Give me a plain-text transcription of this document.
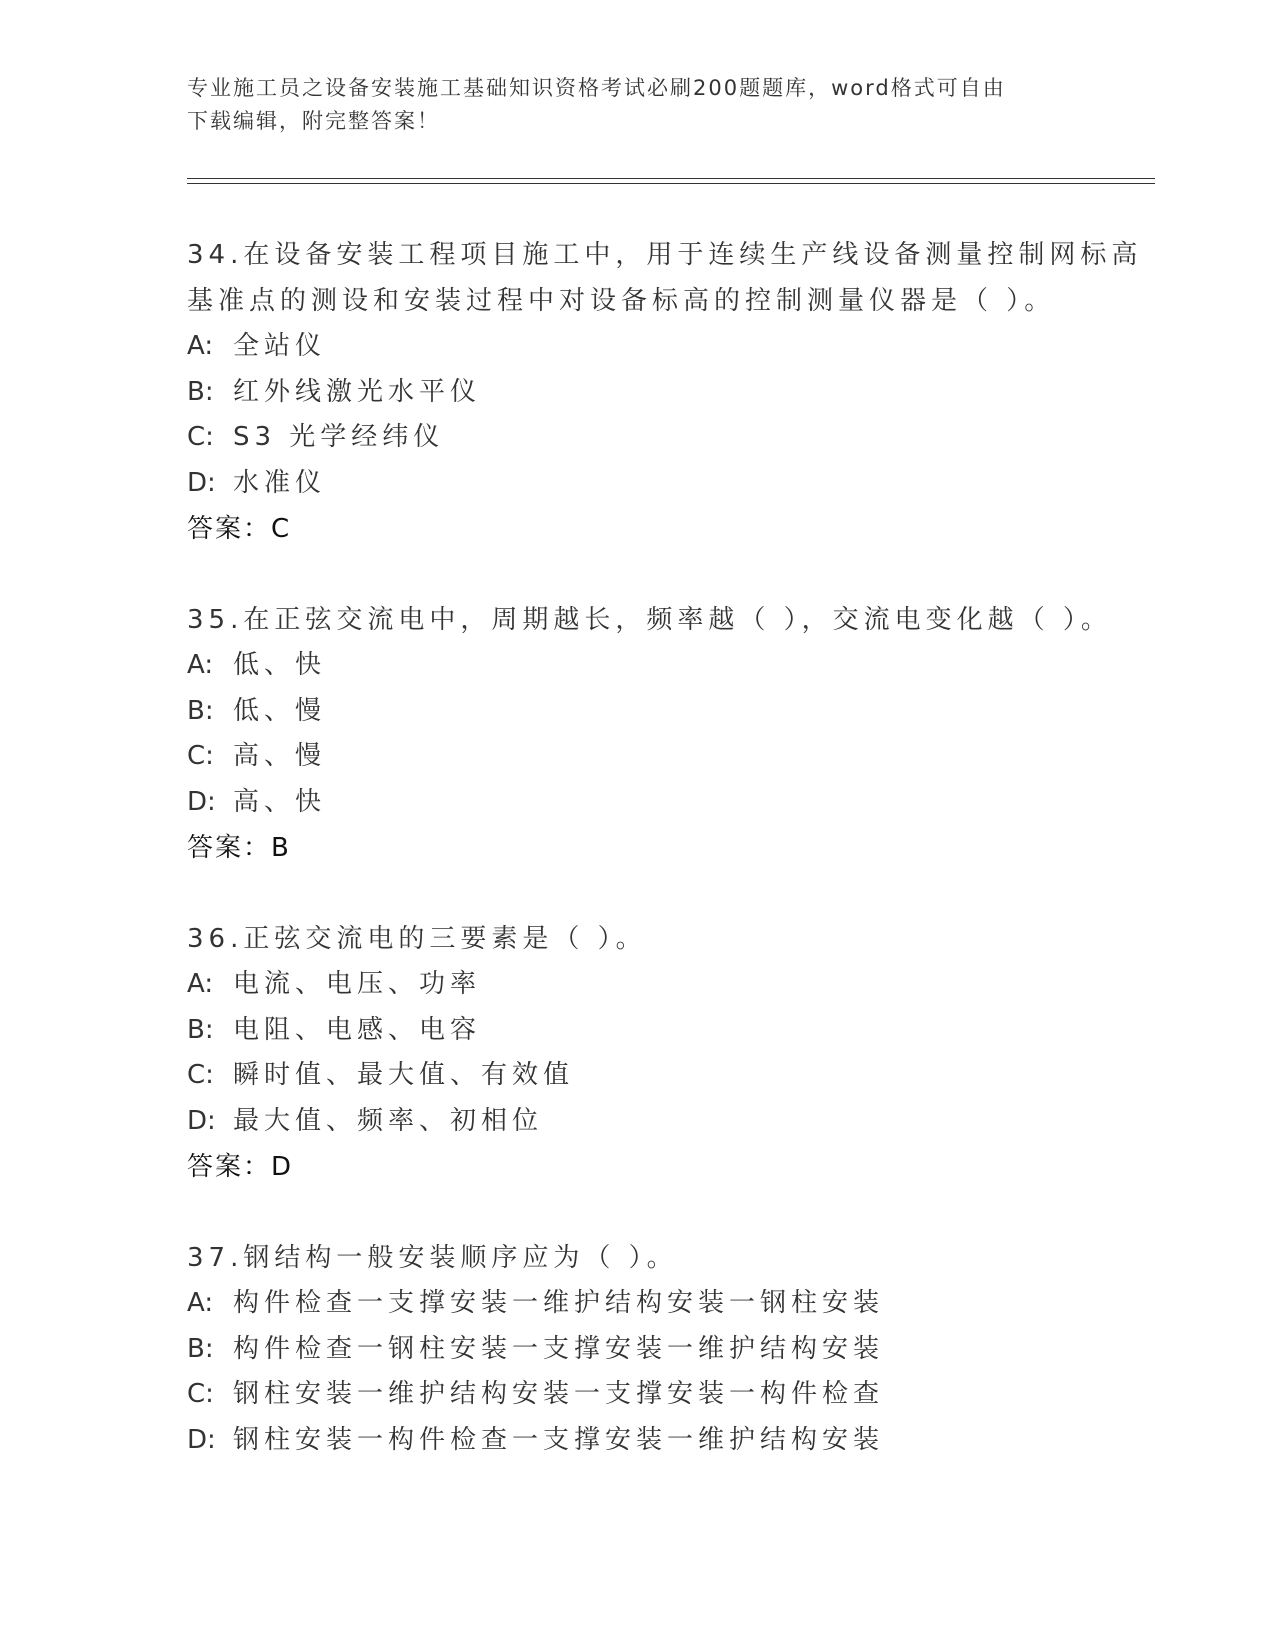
专业施工员之设备安装施工基础知识资格考试必刷200题题库，word格式可自由
下载编辑，附完整答案！
34.在设备安装工程项目施工中，用于连续生产线设备测量控制网标高
基准点的测设和安装过程中对设备标高的控制测量仪器是（ ）。
A: 全站仪
B: 红外线激光水平仪
C: S3 光学经纬仪
D: 水准仪
答案：C
35.在正弦交流电中，周期越长，频率越（ ），交流电变化越（ ）。
A: 低、快
B: 低、慢
C: 高、慢
D: 高、快
答案：B
36.正弦交流电的三要素是（ ）。
A: 电流、电压、功率
B: 电阻、电感、电容
C: 瞬时值、最大值、有效值
D: 最大值、频率、初相位
答案：D
37.钢结构一般安装顺序应为（ ）。
A: 构件检查一支撑安装一维护结构安装一钢柱安装
B: 构件检查一钢柱安装一支撑安装一维护结构安装
C: 钢柱安装一维护结构安装一支撑安装一构件检查
D: 钢柱安装一构件检查一支撑安装一维护结构安装
